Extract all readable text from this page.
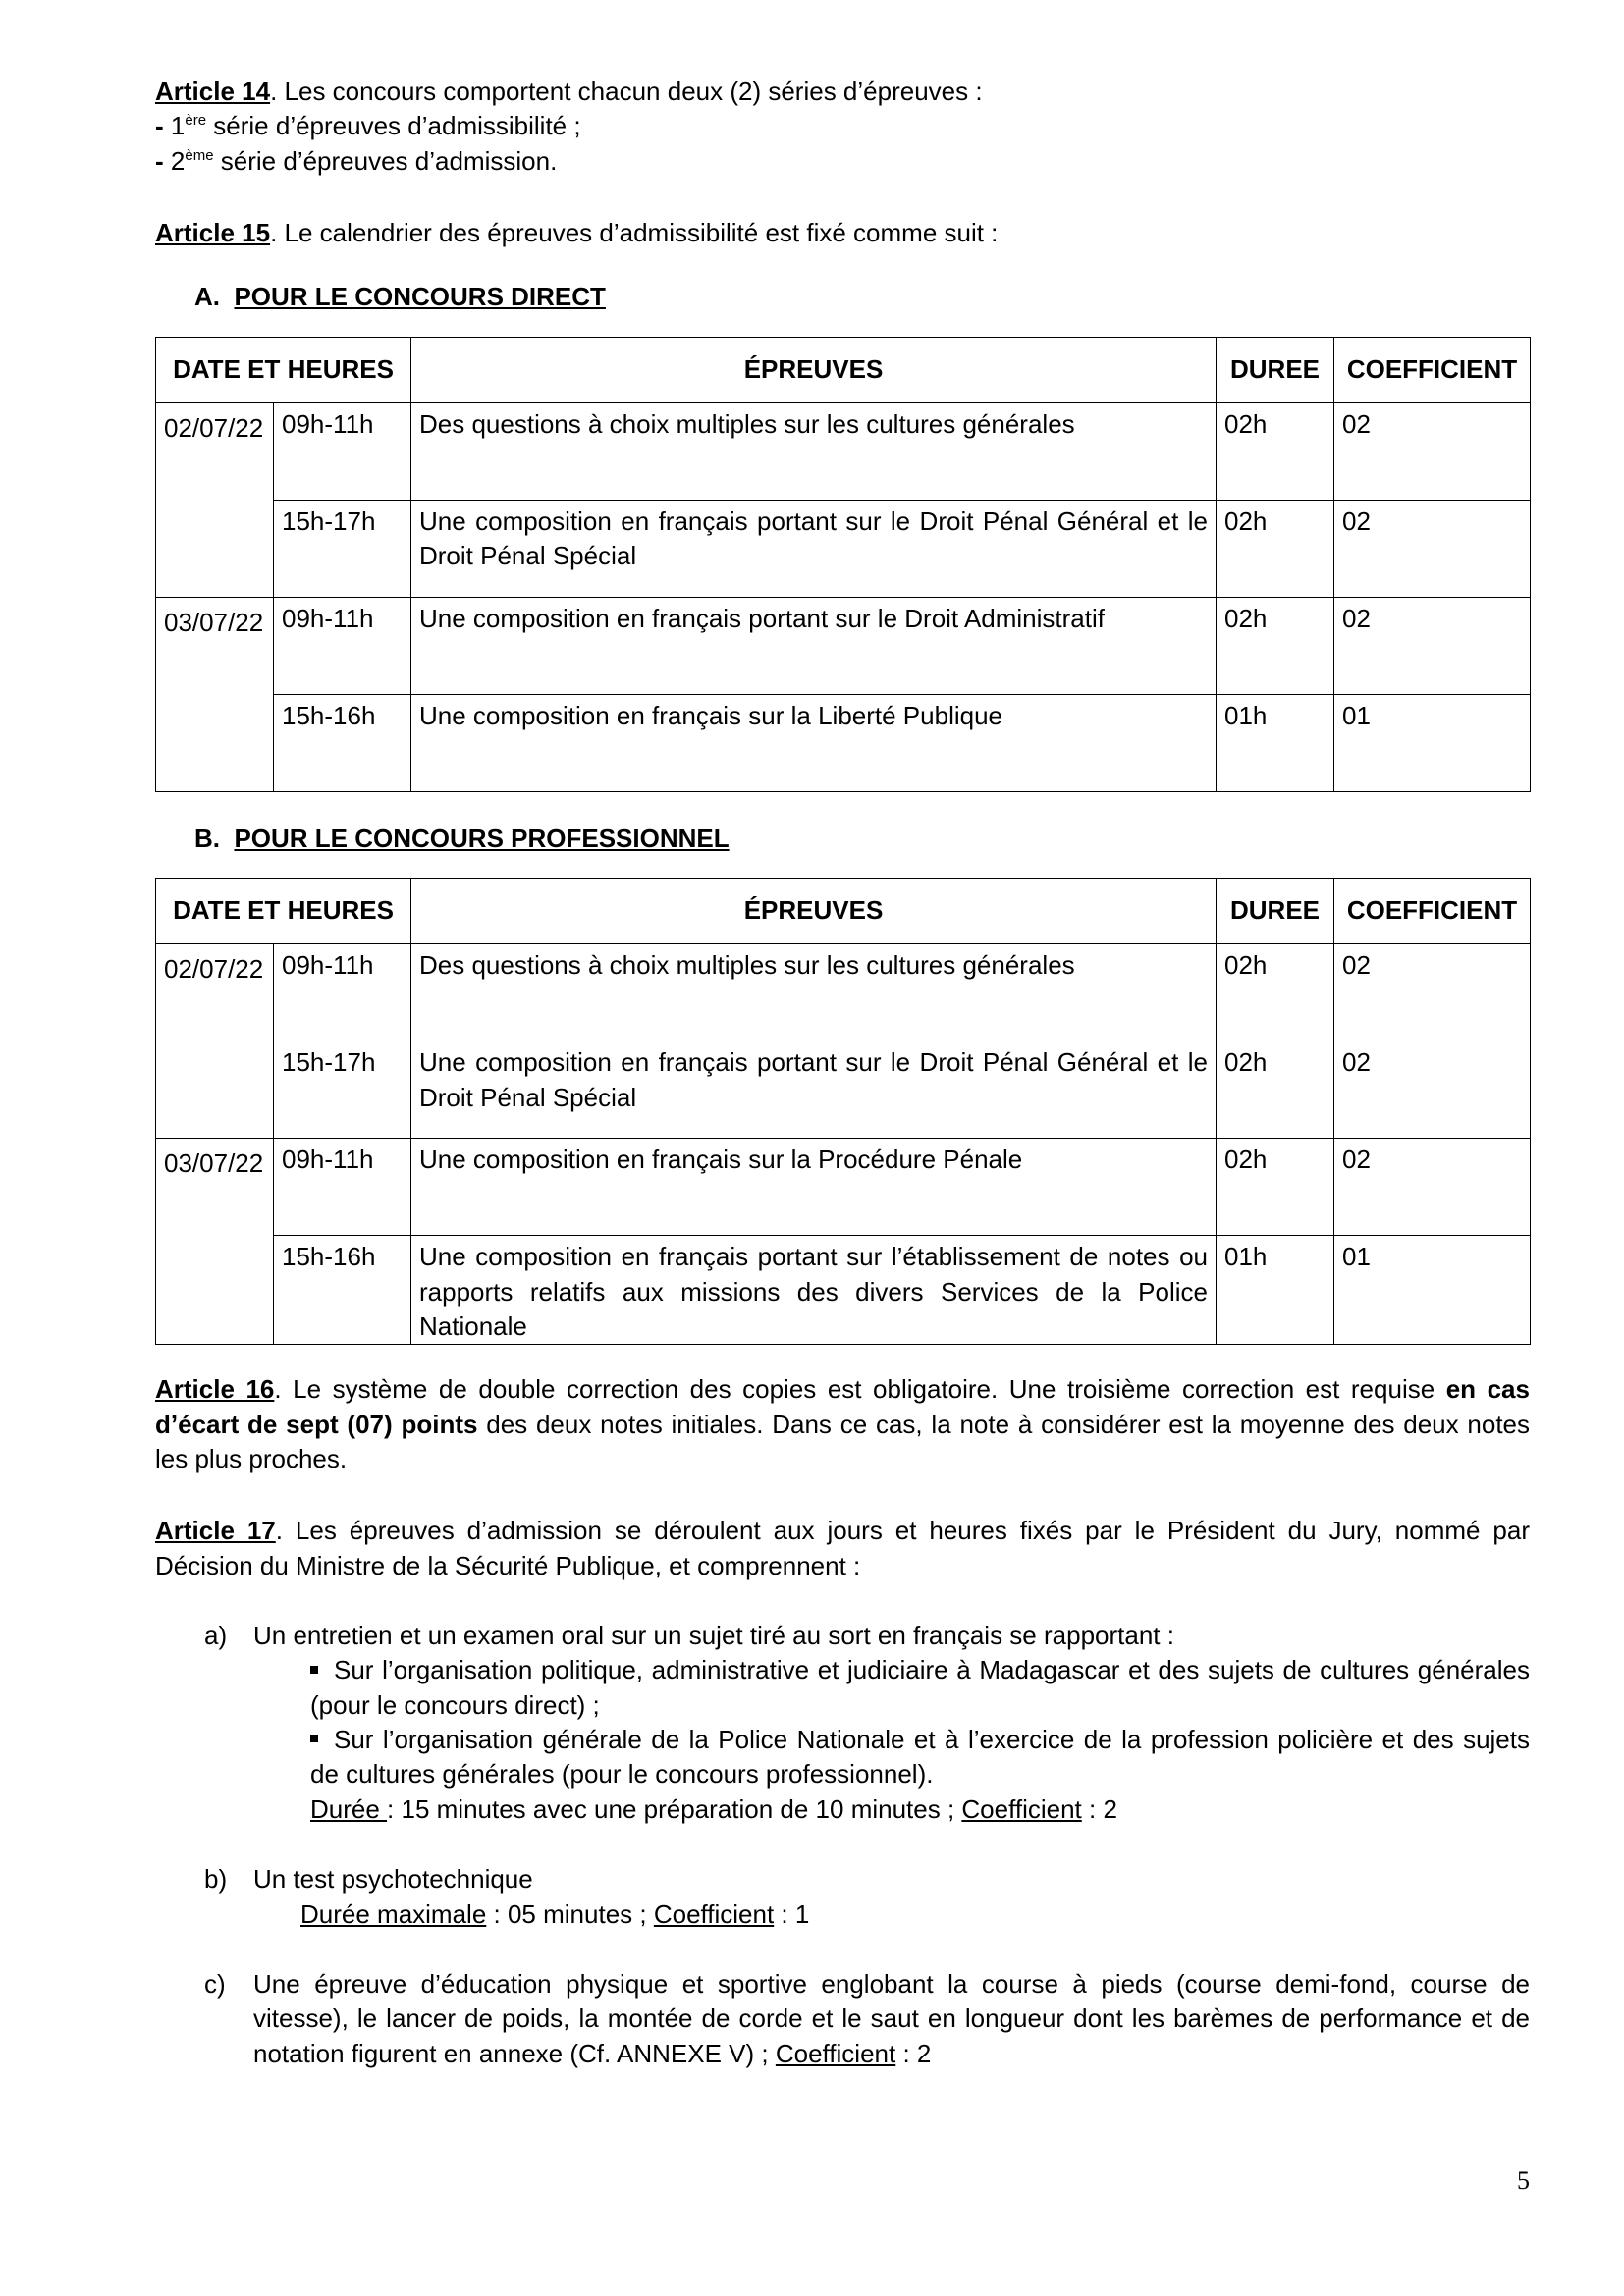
Article 14. Les concours comportent chacun deux (2) séries d’épreuves :

- 1ère série d’épreuves d’admissibilité ;

- 2ème série d’épreuves d’admission.

Article 15. Le calendrier des épreuves d’admissibilité est fixé comme suit :

A. POUR LE CONCOURS DIRECT

DATE ET HEURES		ÉPREUVES	DUREE	COEFFICIENT
02/07/22	09h-11h	Des questions à choix multiples sur les cultures générales	02h	02
	15h-17h	Une composition en français portant sur le Droit Pénal Général et le Droit Pénal Spécial	02h	02
03/07/22	09h-11h	Une composition en français portant sur le Droit Administratif	02h	02
	15h-16h	Une composition en français sur la Liberté Publique	01h	01

B. POUR LE CONCOURS PROFESSIONNEL

DATE ET HEURES		ÉPREUVES	DUREE	COEFFICIENT
02/07/22	09h-11h	Des questions à choix multiples sur les cultures générales	02h	02
	15h-17h	Une composition en français portant sur le Droit Pénal Général et le Droit Pénal Spécial	02h	02
03/07/22	09h-11h	Une composition en français sur la Procédure Pénale	02h	02
	15h-16h	Une composition en français portant sur l’établissement de notes ou rapports relatifs aux missions des divers Services de la Police Nationale	01h	01

Article 16. Le système de double correction des copies est obligatoire. Une troisième correction est requise en cas d’écart de sept (07) points des deux notes initiales. Dans ce cas, la note à considérer est la moyenne des deux notes les plus proches.

Article 17. Les épreuves d’admission se déroulent aux jours et heures fixés par le Président du Jury, nommé par Décision du Ministre de la Sécurité Publique, et comprennent :

a)	Un entretien et un examen oral sur un sujet tiré au sort en français se rapportant :

Sur l’organisation politique, administrative et judiciaire à Madagascar et des sujets de cultures générales (pour le concours direct) ;

Sur l’organisation générale de la Police Nationale et à l’exercice de la profession policière et des sujets de cultures générales (pour le concours professionnel).

Durée : 15 minutes avec une préparation de 10 minutes ; Coefficient : 2

b)	Un test psychotechnique

Durée maximale : 05 minutes ; Coefficient : 1

c)	Une épreuve d’éducation physique et sportive englobant la course à pieds (course demi-fond, course de vitesse), le lancer de poids, la montée de corde et le saut en longueur dont les barèmes de performance et de notation figurent en annexe (Cf. ANNEXE V) ; Coefficient : 2

5
